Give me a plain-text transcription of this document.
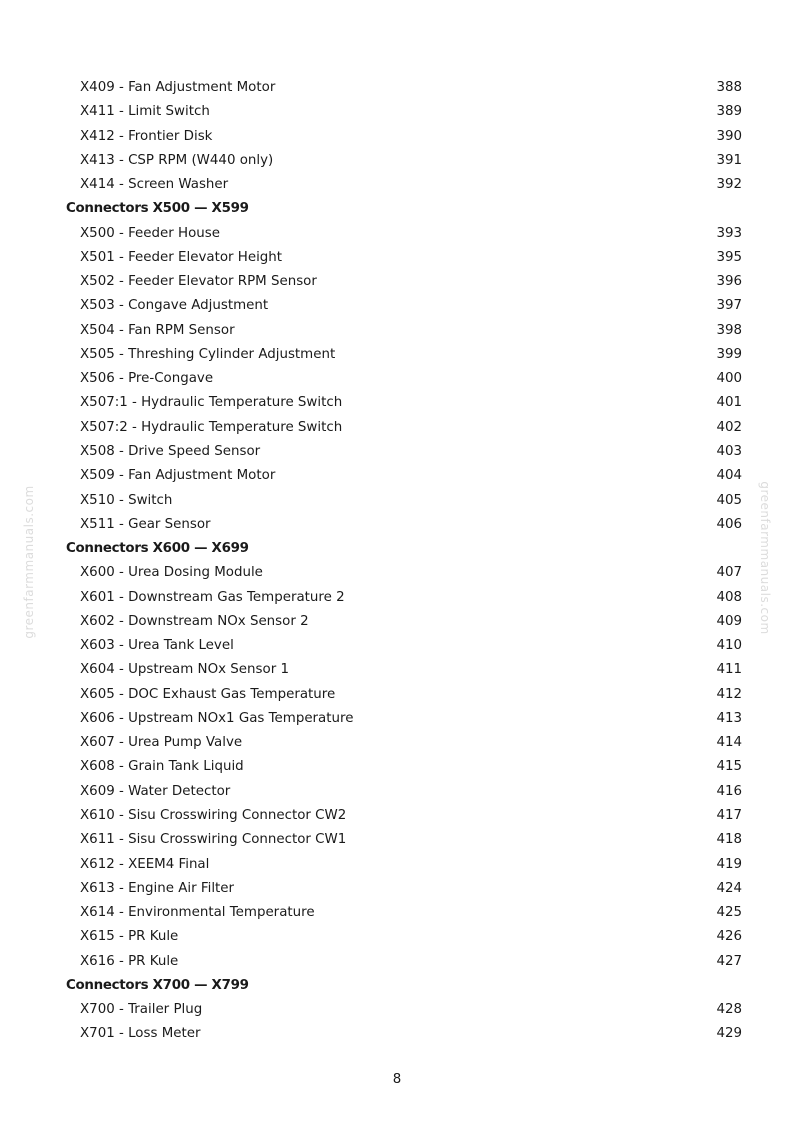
greenfarmmanuals.com	greenfarmmanuals.com
X409 - Fan Adjustment Motor	388
X411 - Limit Switch	389
X412 - Frontier Disk	390
X413 - CSP RPM (W440 only)	391
X414 - Screen Washer	392
Connectors X500 — X599
X500 - Feeder House	393
X501 - Feeder Elevator Height	395
X502 - Feeder Elevator RPM Sensor	396
X503 - Congave Adjustment	397
X504 - Fan RPM Sensor	398
X505 - Threshing Cylinder Adjustment	399
X506 - Pre-Congave	400
X507:1 - Hydraulic Temperature Switch	401
X507:2 - Hydraulic Temperature Switch	402
X508 - Drive Speed Sensor	403
X509 - Fan Adjustment Motor	404
X510 - Switch	405
X511 - Gear Sensor	406
Connectors X600 — X699
X600 - Urea Dosing Module	407
X601 - Downstream Gas Temperature 2	408
X602 - Downstream NOx Sensor 2	409
X603 - Urea Tank Level	410
X604 - Upstream NOx Sensor 1	411
X605 - DOC Exhaust Gas Temperature	412
X606 - Upstream NOx1 Gas Temperature	413
X607 - Urea Pump Valve	414
X608 - Grain Tank Liquid	415
X609 - Water Detector	416
X610 - Sisu Crosswiring Connector CW2	417
X611 - Sisu Crosswiring Connector CW1	418
X612 - XEEM4 Final	419
X613 - Engine Air Filter	424
X614 - Environmental Temperature	425
X615 - PR Kule	426
X616 - PR Kule	427
Connectors X700 — X799
X700 - Trailer Plug	428
X701 - Loss Meter	429
8
